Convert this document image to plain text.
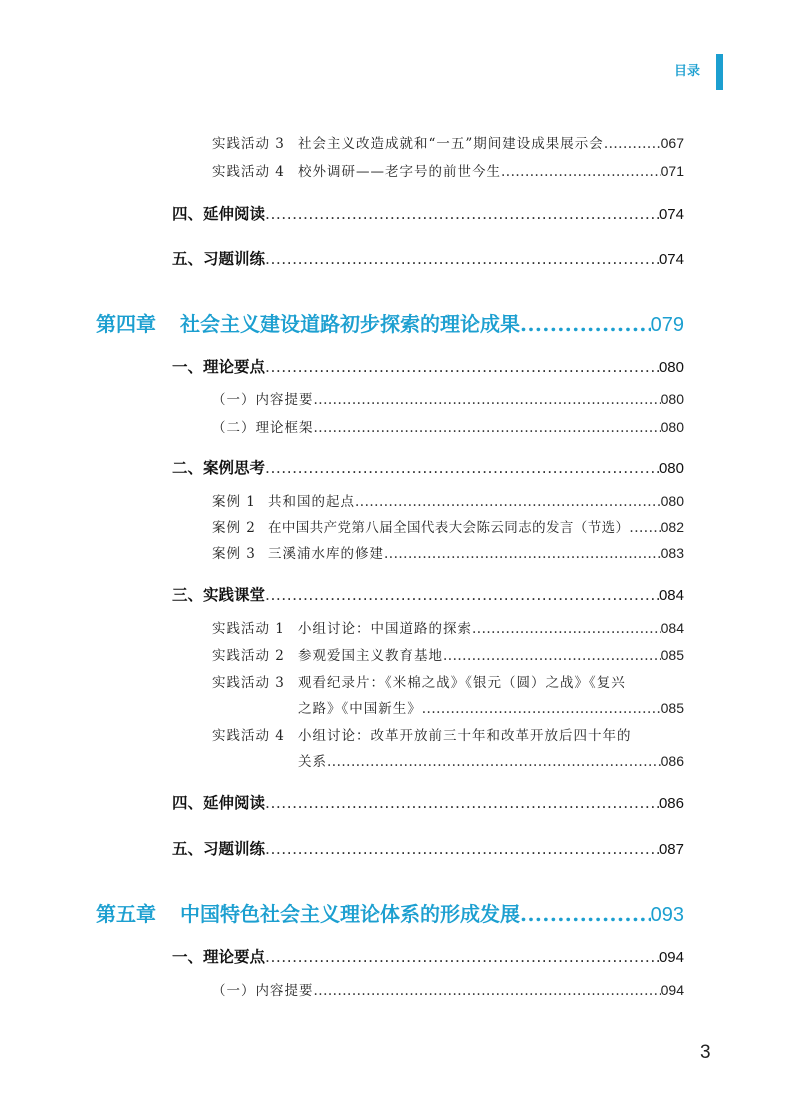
目录
实践活动 3 社会主义改造成就和“一五”期间建设成果展示会 .....	067
实践活动 4 校外调研——老字号的前世今生 .....	071
四、延伸阅读 .....	074
五、习题训练 .....	074
第四章	社会主义建设道路初步探索的理论成果 .....	079
一、理论要点 .....	080
（一）内容提要 .....	080
（二）理论框架 .....	080
二、案例思考 .....	080
案例 1 共和国的起点 .....	080
案例 2 在中国共产党第八届全国代表大会陈云同志的发言（节选） ..... 082
案例 3 三溪浦水库的修建 .....	083
三、实践课堂 .....	084
实践活动 1 小组讨论：中国道路的探索 .....	084
实践活动 2 参观爱国主义教育基地 .....	085
实践活动 3 观看纪录片：《米棉之战》《银元（圆）之战》《复兴
之路》《中国新生》 .....	085
实践活动 4 小组讨论：改革开放前三十年和改革开放后四十年的
关系 .....	086
四、延伸阅读 .....	086
五、习题训练 .....	087
第五章	中国特色社会主义理论体系的形成发展 .....	093
一、理论要点 .....	094
（一）内容提要 .....	094
3
